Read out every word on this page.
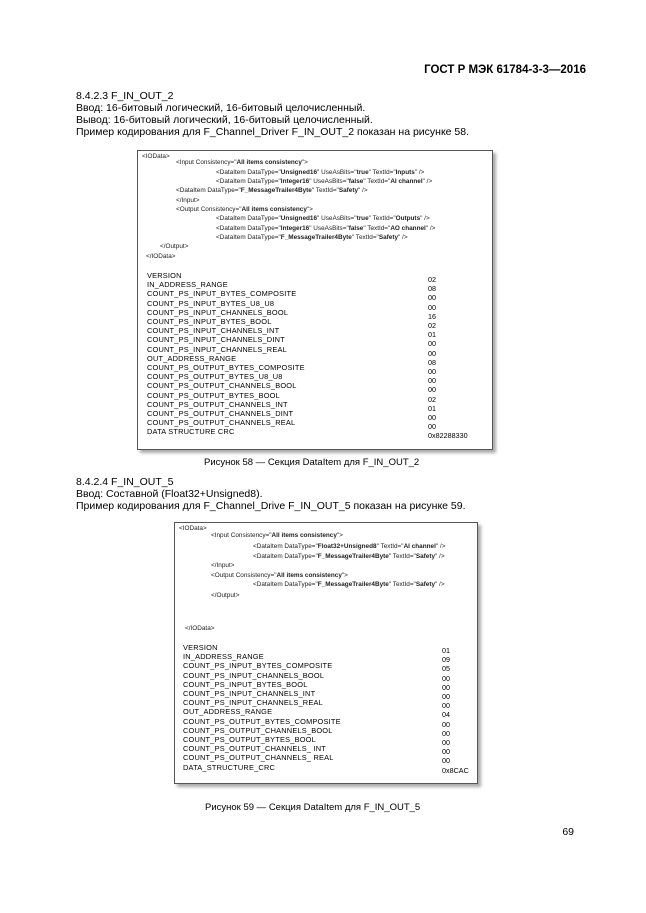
ГОСТ Р МЭК 61784-3-3—2016
8.4.2.3 F_IN_OUT_2
Ввод: 16-битовый логический, 16-битовый целочисленный.
Вывод: 16-битовый логический, 16-битовый целочисленный.
Пример кодирования для F_Channel_Driver F_IN_OUT_2 показан на рисунке 58.
<IOData>
<Input Consistency="All items consistency">
<DataItem DataType="Unsigned16" UseAsBits="true" TextId="Inputs" />
<DataItem DataType="Integer16" UseAsBits="false" TextId="AI channel" />
<DataItem DataType="F_MessageTrailer4Byte" TextId="Safety" />
</Input>
<Output Consistency="All items consistency">
<DataItem DataType="Unsigned16" UseAsBits="true" TextId="Outputs" />
<DataItem DataType="Integer16" UseAsBits="false" TextId="AO channel" />
<DataItem DataType="F_MessageTrailer4Byte" TextId="Safety" />
</Output>
</IOData>
VERSION
IN_ADDRESS_RANGE
COUNT_PS_INPUT_BYTES_COMPOSITE
COUNT_PS_INPUT_BYTES_U8_U8
COUNT_PS_INPUT_CHANNELS_BOOL
COUNT_PS_INPUT_BYTES_BOOL
COUNT_PS_INPUT_CHANNELS_INT
COUNT_PS_INPUT_CHANNELS_DINT
COUNT_PS_INPUT_CHANNELS_REAL
OUT_ADDRESS_RANGE
COUNT_PS_OUTPUT_BYTES_COMPOSITE
COUNT_PS_OUTPUT_BYTES_U8_U8
COUNT_PS_OUTPUT_CHANNELS_BOOL
COUNT_PS_OUTPUT_BYTES_BOOL
COUNT_PS_OUTPUT_CHANNELS_INT
COUNT_PS_OUTPUT_CHANNELS_DINT
COUNT_PS_OUTPUT_CHANNELS_REAL
DATA STRUCTURE CRC
02
08
00
00
16
02
01
00
00
08
00
00
00
02
01
00
00
0x82288330
Рисунок 58 — Секция DataItem для F_IN_OUT_2
8.4.2.4 F_IN_OUT_5
Ввод: Составной (Float32+Unsigned8).
Пример кодирования для F_Channel_Drive F_IN_OUT_5 показан на рисунке 59.
<IOData>
<Input Consistency="All items consistency">
<DataItem DataType="Float32+Unsigned8" TextId="AI channel" />
<DataItem DataType="F_MessageTrailer4Byte" TextId="Safety" />
</Input>
<Output Consistency="All items consistency">
<DataItem DataType="F_MessageTrailer4Byte" TextId="Safety" />
</Output>
</IOData>
VERSION
IN_ADDRESS_RANGE
COUNT_PS_INPUT_BYTES_COMPOSITE
COUNT_PS_INPUT_CHANNELS_BOOL
COUNT_PS_INPUT_BYTES_BOOL
COUNT_PS_INPUT_CHANNELS_INT
COUNT_PS_INPUT_CHANNELS_REAL
OUT_ADDRESS_RANGE
COUNT_PS_OUTPUT_BYTES_COMPOSITE
COUNT_PS_OUTPUT_CHANNELS_BOOL
COUNT_PS_OUTPUT_BYTES_BOOL
COUNT_PS_OUTPUT_CHANNELS_ INT
COUNT_PS_OUTPUT_CHANNELS_ REAL
DATA_STRUCTURE_CRC
01
09
05
00
00
00
00
04
00
00
00
00
00
0x8CAC
Рисунок 59 — Секция DataItem для F_IN_OUT_5
69
